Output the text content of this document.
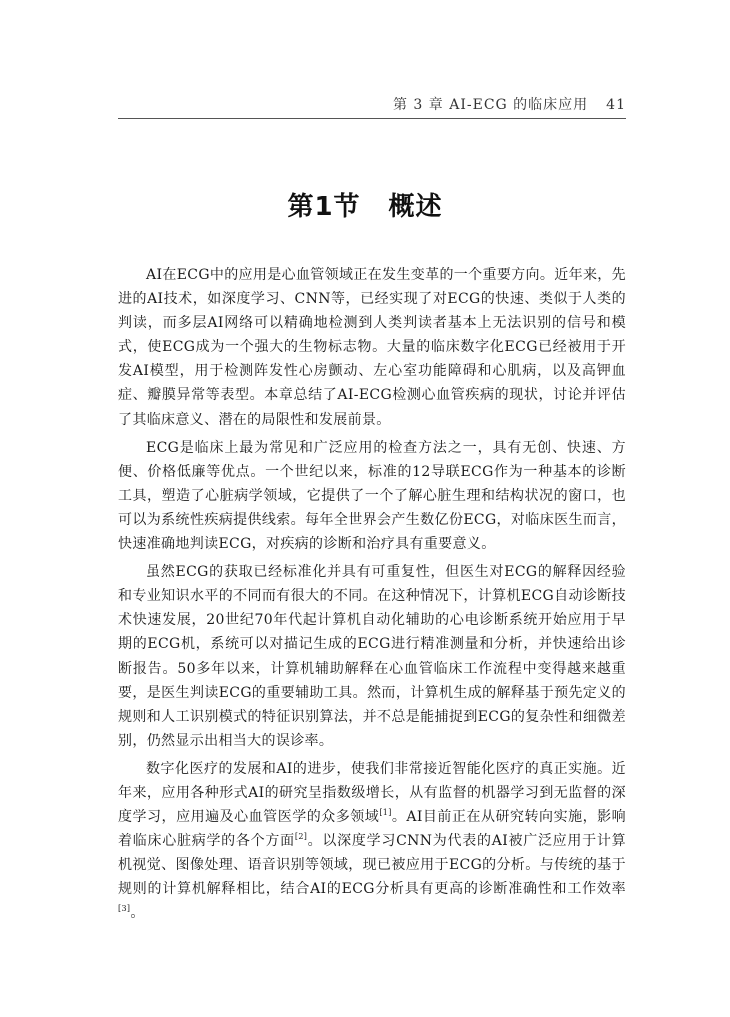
第 3 章 AI-ECG 的临床应用 41
第1节 概述

AI在ECG中的应用是心血管领域正在发生变革的一个重要方向。近年来，先进的AI技术，如深度学习、CNN等，已经实现了对ECG的快速、类似于人类的判读，而多层AI网络可以精确地检测到人类判读者基本上无法识别的信号和模式，使ECG成为一个强大的生物标志物。大量的临床数字化ECG已经被用于开发AI模型，用于检测阵发性心房颤动、左心室功能障碍和心肌病，以及高钾血症、瓣膜异常等表型。本章总结了AI-ECG检测心血管疾病的现状，讨论并评估了其临床意义、潜在的局限性和发展前景。

ECG是临床上最为常见和广泛应用的检查方法之一，具有无创、快速、方便、价格低廉等优点。一个世纪以来，标准的12导联ECG作为一种基本的诊断工具，塑造了心脏病学领域，它提供了一个了解心脏生理和结构状况的窗口，也可以为系统性疾病提供线索。每年全世界会产生数亿份ECG，对临床医生而言，快速准确地判读ECG，对疾病的诊断和治疗具有重要意义。

虽然ECG的获取已经标准化并具有可重复性，但医生对ECG的解释因经验和专业知识水平的不同而有很大的不同。在这种情况下，计算机ECG自动诊断技术快速发展，20世纪70年代起计算机自动化辅助的心电诊断系统开始应用于早期的ECG机，系统可以对描记生成的ECG进行精准测量和分析，并快速给出诊断报告。50多年以来，计算机辅助解释在心血管临床工作流程中变得越来越重要，是医生判读ECG的重要辅助工具。然而，计算机生成的解释基于预先定义的规则和人工识别模式的特征识别算法，并不总是能捕捉到ECG的复杂性和细微差别，仍然显示出相当大的误诊率。

数字化医疗的发展和AI的进步，使我们非常接近智能化医疗的真正实施。近年来，应用各种形式AI的研究呈指数级增长，从有监督的机器学习到无监督的深度学习，应用遍及心血管医学的众多领域[1]。AI目前正在从研究转向实施，影响着临床心脏病学的各个方面[2]。以深度学习CNN为代表的AI被广泛应用于计算机视觉、图像处理、语音识别等领域，现已被应用于ECG的分析。与传统的基于规则的计算机解释相比，结合AI的ECG分析具有更高的诊断准确性和工作效率[3]。
